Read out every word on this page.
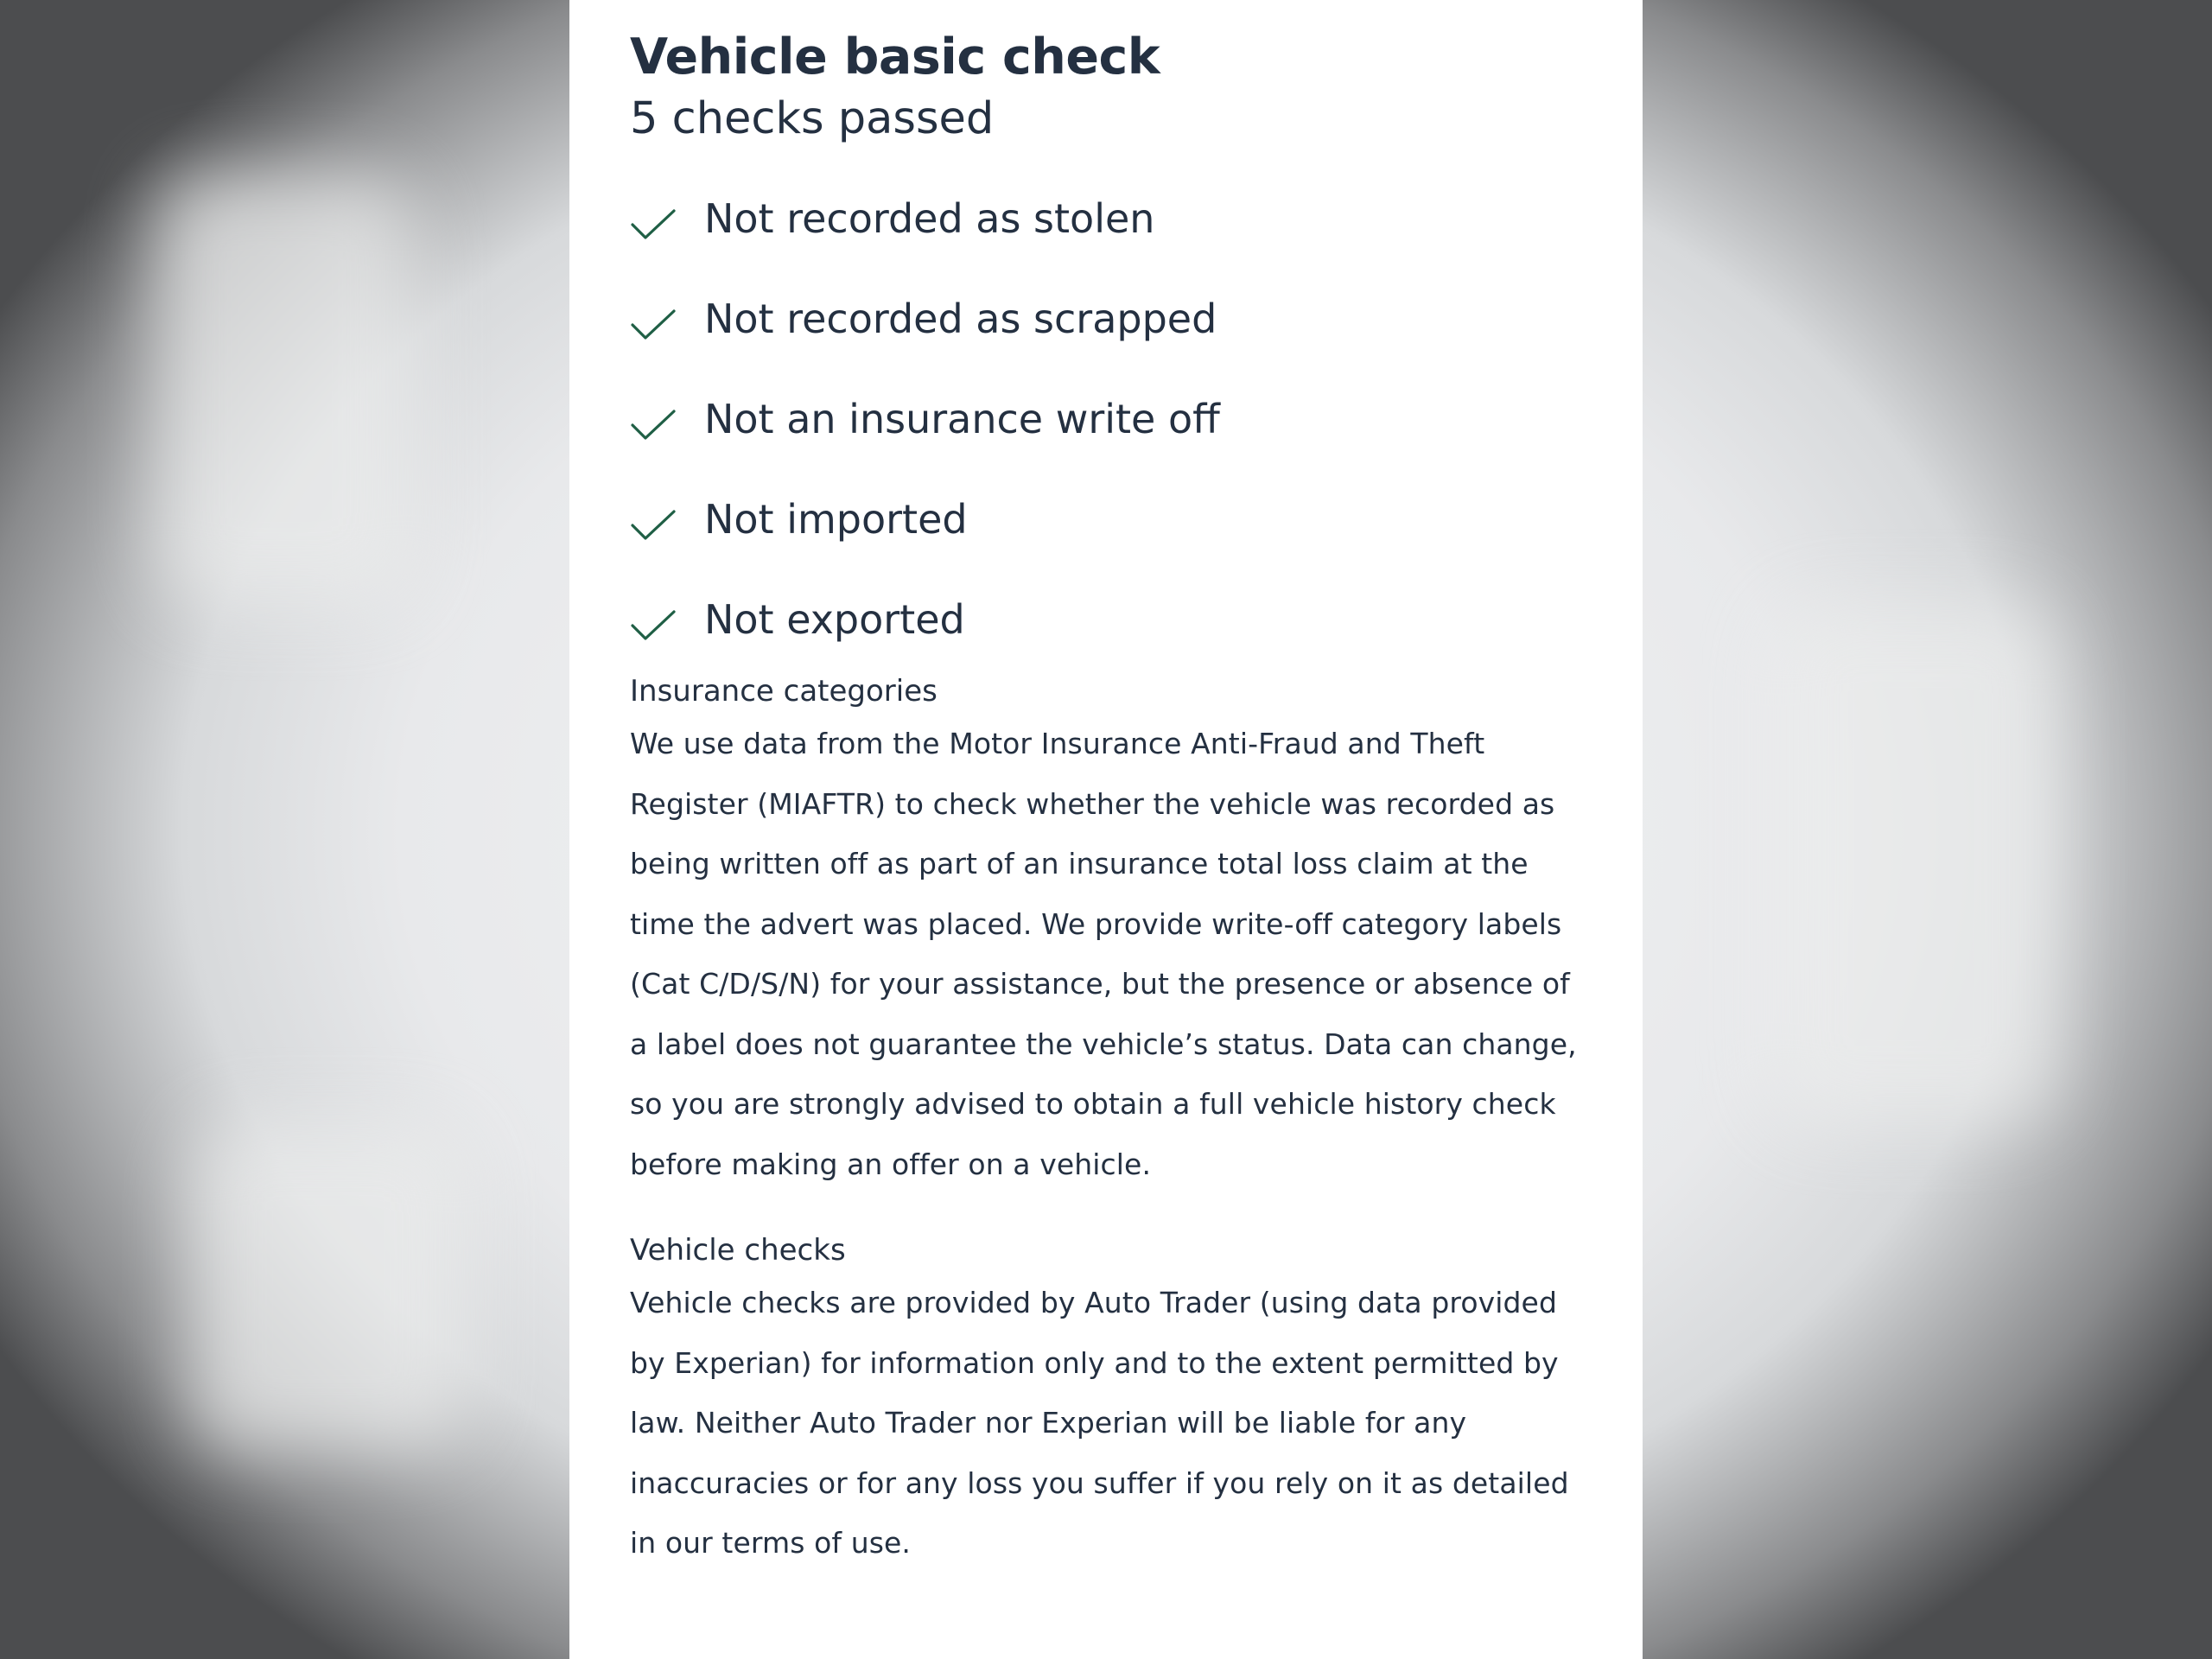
Vehicle basic check
5 checks passed
Not recorded as stolen
Not recorded as scrapped
Not an insurance write off
Not imported
Not exported
Insurance categories

We use data from the Motor Insurance Anti-Fraud and Theft Register (MIAFTR) to check whether the vehicle was recorded as being written off as part of an insurance total loss claim at the time the advert was placed. We provide write-off category labels (Cat C/D/S/N) for your assistance, but the presence or absence of a label does not guarantee the vehicle’s status. Data can change, so you are strongly advised to obtain a full vehicle history check before making an offer on a vehicle.

Vehicle checks

Vehicle checks are provided by Auto Trader (using data provided by Experian) for information only and to the extent permitted by law. Neither Auto Trader nor Experian will be liable for any inaccuracies or for any loss you suffer if you rely on it as detailed in our terms of use.
